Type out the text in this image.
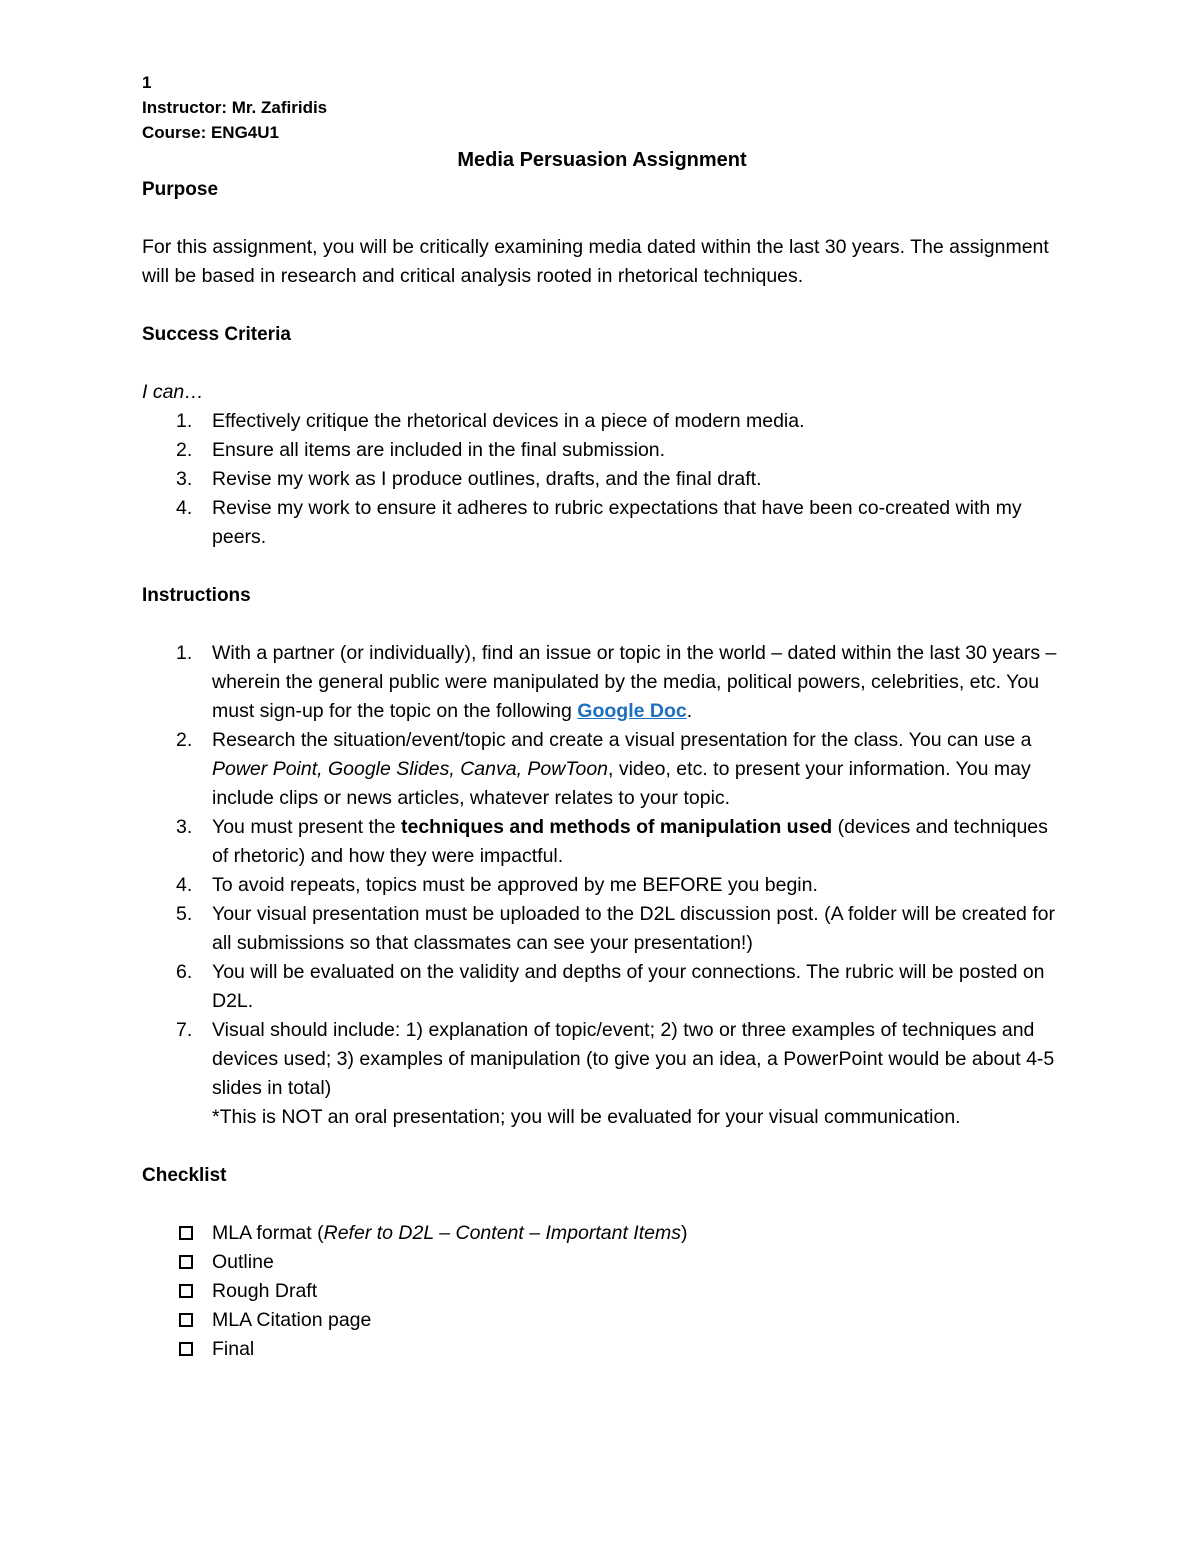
1

Instructor: Mr. Zafiridis

Course: ENG4U1

Media Persuasion Assignment

Purpose

For this assignment, you will be critically examining media dated within the last 30 years. The assignment will be based in research and critical analysis rooted in rhetorical techniques.

Success Criteria

I can…

1. Effectively critique the rhetorical devices in a piece of modern media.
2. Ensure all items are included in the final submission.
3. Revise my work as I produce outlines, drafts, and the final draft.
4. Revise my work to ensure it adheres to rubric expectations that have been co-created with my peers.

Instructions

1. With a partner (or individually), find an issue or topic in the world – dated within the last 30 years – wherein the general public were manipulated by the media, political powers, celebrities, etc. You must sign-up for the topic on the following Google Doc.
2. Research the situation/event/topic and create a visual presentation for the class. You can use a Power Point, Google Slides, Canva, PowToon, video, etc. to present your information. You may include clips or news articles, whatever relates to your topic.
3. You must present the techniques and methods of manipulation used (devices and techniques of rhetoric) and how they were impactful.
4. To avoid repeats, topics must be approved by me BEFORE you begin.
5. Your visual presentation must be uploaded to the D2L discussion post. (A folder will be created for all submissions so that classmates can see your presentation!)
6. You will be evaluated on the validity and depths of your connections. The rubric will be posted on D2L.
7. Visual should include: 1) explanation of topic/event; 2) two or three examples of techniques and devices used; 3) examples of manipulation (to give you an idea, a PowerPoint would be about 4-5 slides in total)
*This is NOT an oral presentation; you will be evaluated for your visual communication.

Checklist

MLA format (Refer to D2L – Content – Important Items)
Outline
Rough Draft
MLA Citation page
Final
